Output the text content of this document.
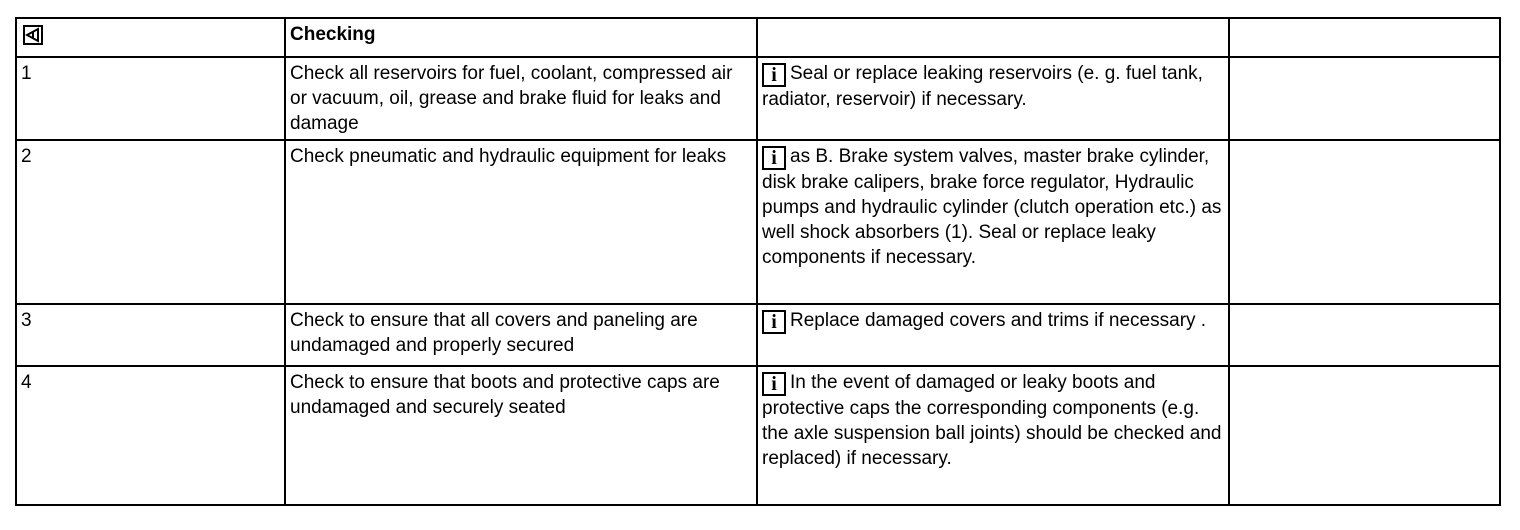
	Checking		
1	Check all reservoirs for fuel, coolant, compressed air or vacuum, oil, grease and brake fluid for leaks and damage	i Seal or replace leaking reservoirs (e. g. fuel tank, radiator, reservoir) if necessary.	
2	Check pneumatic and hydraulic equipment for leaks	i as B. Brake system valves, master brake cylinder, disk brake calipers, brake force regulator, Hydraulic pumps and hydraulic cylinder (clutch operation etc.) as well shock absorbers (1). Seal or replace leaky components if necessary.	
3	Check to ensure that all covers and paneling are undamaged and properly secured	i Replace damaged covers and trims if necessary .	
4	Check to ensure that boots and protective caps are undamaged and securely seated	i In the event of damaged or leaky boots and protective caps the corresponding components (e.g. the axle suspension ball joints) should be checked and replaced) if necessary.	
